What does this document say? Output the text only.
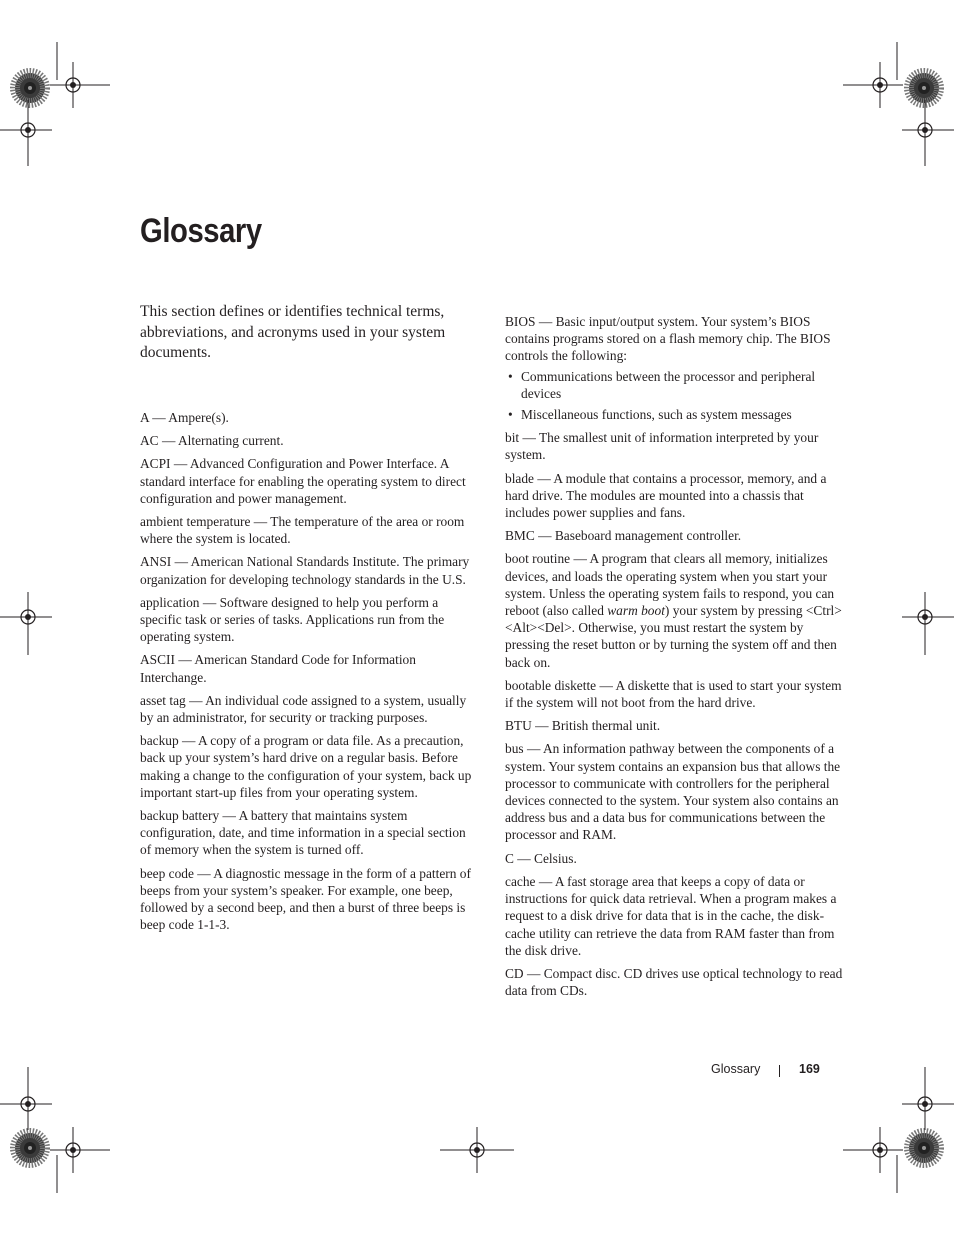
Glossary

This section defines or identifies technical terms, abbreviations, and acronyms used in your system documents.

A — Ampere(s).

AC — Alternating current.

ACPI — Advanced Configuration and Power Interface. A standard interface for enabling the operating system to direct configuration and power management.

ambient temperature — The temperature of the area or room where the system is located.

ANSI — American National Standards Institute. The primary organization for developing technology standards in the U.S.

application — Software designed to help you perform a specific task or series of tasks. Applications run from the operating system.

ASCII — American Standard Code for Information Interchange.

asset tag — An individual code assigned to a system, usually by an administrator, for security or tracking purposes.

backup — A copy of a program or data file. As a precaution, back up your system’s hard drive on a regular basis. Before making a change to the configuration of your system, back up important start-up files from your operating system.

backup battery — A battery that maintains system configuration, date, and time information in a special section of memory when the system is turned off.

beep code — A diagnostic message in the form of a pattern of beeps from your system’s speaker. For example, one beep, followed by a second beep, and then a burst of three beeps is beep code 1-1-3.

BIOS — Basic input/output system. Your system’s BIOS contains programs stored on a flash memory chip. The BIOS controls the following:

• Communications between the processor and peripheral devices
• Miscellaneous functions, such as system messages

bit — The smallest unit of information interpreted by your system.

blade — A module that contains a processor, memory, and a hard drive. The modules are mounted into a chassis that includes power supplies and fans.

BMC — Baseboard management controller.

boot routine — A program that clears all memory, initializes devices, and loads the operating system when you start your system. Unless the operating system fails to respond, you can reboot (also called warm boot) your system by pressing <Ctrl><Alt><Del>. Otherwise, you must restart the system by pressing the reset button or by turning the system off and then back on.

bootable diskette — A diskette that is used to start your system if the system will not boot from the hard drive.

BTU — British thermal unit.

bus — An information pathway between the components of a system. Your system contains an expansion bus that allows the processor to communicate with controllers for the peripheral devices connected to the system. Your system also contains an address bus and a data bus for communications between the processor and RAM.

C — Celsius.

cache — A fast storage area that keeps a copy of data or instructions for quick data retrieval. When a program makes a request to a disk drive for data that is in the cache, the disk-cache utility can retrieve the data from RAM faster than from the disk drive.

CD — Compact disc. CD drives use optical technology to read data from CDs.

Glossary	169
